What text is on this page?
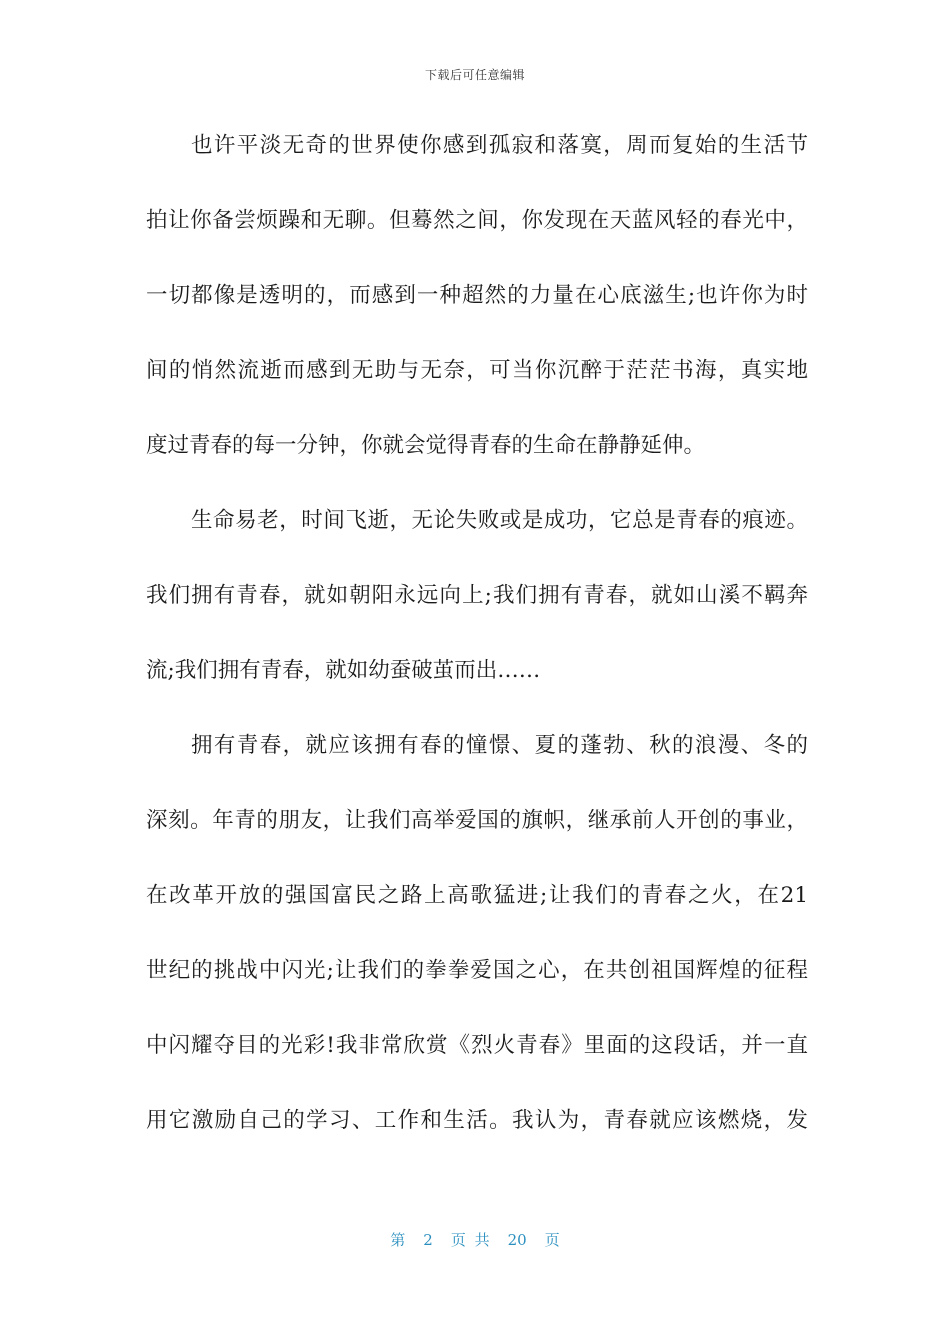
下载后可任意编辑
也许平淡无奇的世界使你感到孤寂和落寞，周而复始的生活节
拍让你备尝烦躁和无聊。但蓦然之间，你发现在天蓝风轻的春光中，
一切都像是透明的，而感到一种超然的力量在心底滋生;也许你为时
间的悄然流逝而感到无助与无奈，可当你沉醉于茫茫书海，真实地
度过青春的每一分钟，你就会觉得青春的生命在静静延伸。
生命易老，时间飞逝，无论失败或是成功，它总是青春的痕迹。
我们拥有青春，就如朝阳永远向上;我们拥有青春，就如山溪不羁奔
流;我们拥有青春，就如幼蚕破茧而出……
拥有青春，就应该拥有春的憧憬、夏的蓬勃、秋的浪漫、冬的
深刻。年青的朋友，让我们高举爱国的旗帜，继承前人开创的事业，
在改革开放的强国富民之路上高歌猛进;让我们的青春之火，在21
世纪的挑战中闪光;让我们的拳拳爱国之心，在共创祖国辉煌的征程
中闪耀夺目的光彩!我非常欣赏《烈火青春》里面的这段话，并一直
用它激励自己的学习、工作和生活。我认为，青春就应该燃烧，发
第 2 页 共 20 页
